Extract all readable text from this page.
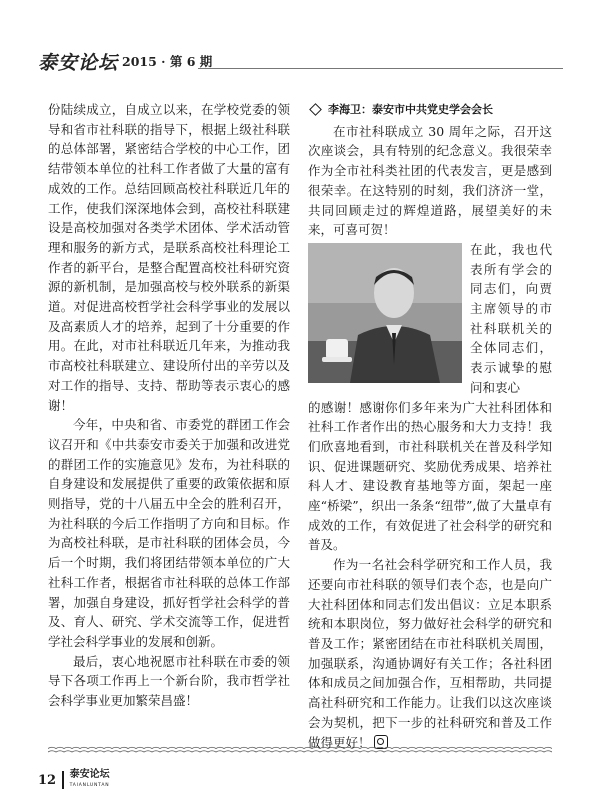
泰安论坛 2015 · 第 6 期

份陆续成立，自成立以来，在学校党委的领导和省市社科联的指导下，根据上级社科联的总体部署，紧密结合学校的中心工作，团结带领本单位的社科工作者做了大量的富有成效的工作。总结回顾高校社科联近几年的工作，使我们深深地体会到，高校社科联建设是高校加强对各类学术团体、学术活动管理和服务的新方式，是联系高校社科理论工作者的新平台，是整合配置高校社科研究资源的新机制，是加强高校与校外联系的新渠道。对促进高校哲学社会科学事业的发展以及高素质人才的培养，起到了十分重要的作用。在此，对市社科联近几年来，为推动我市高校社科联建立、建设所付出的辛劳以及对工作的指导、支持、帮助等表示衷心的感谢！

今年，中央和省、市委党的群团工作会议召开和《中共泰安市委关于加强和改进党的群团工作的实施意见》发布，为社科联的自身建设和发展提供了重要的政策依据和原则指导，党的十八届五中全会的胜利召开，为社科联的今后工作指明了方向和目标。作为高校社科联，是市社科联的团体会员，今后一个时期，我们将团结带领本单位的广大社科工作者，根据省市社科联的总体工作部署，加强自身建设，抓好哲学社会科学的普及、育人、研究、学术交流等工作，促进哲学社会科学事业的发展和创新。

最后，衷心地祝愿市社科联在市委的领导下各项工作再上一个新台阶，我市哲学社会科学事业更加繁荣昌盛！

李海卫：泰安市中共党史学会会长

在市社科联成立 30 周年之际，召开这次座谈会，具有特别的纪念意义。我很荣幸作为全市社科类社团的代表发言，更是感到很荣幸。在这特别的时刻，我们济济一堂，共同回顾走过的辉煌道路，展望美好的未来，可喜可贺！

在此，我也代表所有学会的同志们，向贾主席领导的市社科联机关的全体同志们，表示诚挚的慰问和衷心

的感谢！感谢你们多年来为广大社科团体和社科工作者作出的热心服务和大力支持！我们欣喜地看到，市社科联机关在普及科学知识、促进课题研究、奖励优秀成果、培养社科人才、建设教育基地等方面，架起一座座“桥梁”，织出一条条“纽带”,做了大量卓有成效的工作，有效促进了社会科学的研究和普及。

作为一名社会科学研究和工作人员，我还要向市社科联的领导们表个态，也是向广大社科团体和同志们发出倡议：立足本职系统和本职岗位，努力做好社会科学的研究和普及工作；紧密团结在市社科联机关周围，加强联系，沟通协调好有关工作；各社科团体和成员之间加强合作，互相帮助，共同提高社科研究和工作能力。让我们以这次座谈会为契机，把下一步的社科研究和普及工作做得更好！

12 泰安论坛
TAIANLUNTAN
